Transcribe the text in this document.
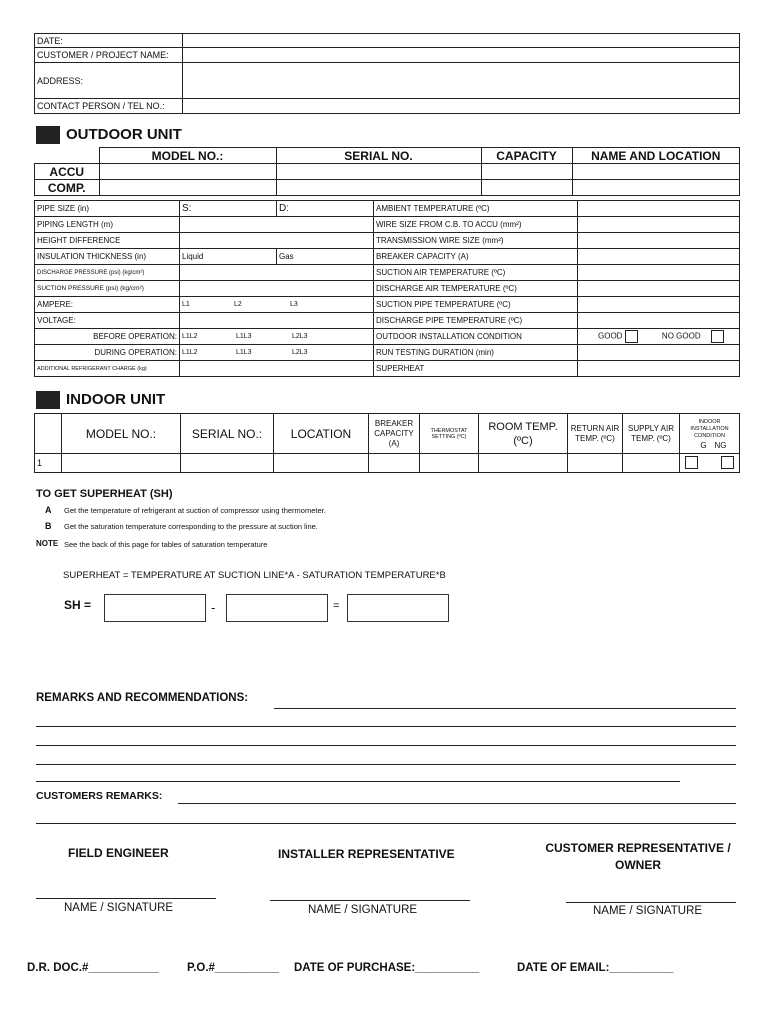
DATE:	
CUSTOMER / PROJECT NAME:	
ADDRESS:	
CONTACT PERSON / TEL NO.:	
OUTDOOR UNIT
	MODEL NO.:	SERIAL NO.	CAPACITY	NAME AND LOCATION
ACCU				
COMP.				
PIPE SIZE (in)	S:	D:	AMBIENT TEMPERATURE (ºC)	
PIPING LENGTH (m)			WIRE SIZE FROM C.B. TO ACCU (mm²)	
HEIGHT DIFFERENCE			TRANSMISSION WIRE SIZE (mm²)	
INSULATION THICKNESS (in)	Liquid	Gas	BREAKER CAPACITY (A)	
DISCHARGE PRESSURE (psi) (kg/cm²)			SUCTION AIR TEMPERATURE (ºC)	
SUCTION PRESSURE (psi) (kg/cm²)			DISCHARGE AIR TEMPERATURE (ºC)	
AMPERE:	L1 L2 L3		SUCTION PIPE TEMPERATURE (ºC)	
VOLTAGE:			DISCHARGE PIPE TEMPERATURE (ºC)	
BEFORE OPERATION:	L1L2 L1L3 L2L3		OUTDOOR INSTALLATION CONDITION	GOOD NO GOOD
DURING OPERATION:	L1L2 L1L3 L2L3		RUN TESTING DURATION (min)	
ADDITIONAL REFRIGERANT CHARGE (kg)			SUPERHEAT	
INDOOR UNIT
	MODEL NO.:	SERIAL NO.:	LOCATION	BREAKER CAPACITY (A)	THERMOSTAT SETTING (ºC)	ROOM TEMP. (ºC)	RETURN AIR TEMP. (ºC)	SUPPLY AIR TEMP. (ºC)	INDOOR INSTALLATION CONDITION
G NG

1									
TO GET SUPERHEAT (SH)
A Get the temperature of refrigerant at suction of compressor using thermometer.
B Get the saturation temperature corresponding to the pressure at suction line.
NOTE See the back of this page for tables of saturation temperature
SUPERHEAT = TEMPERATURE AT SUCTION LINE*A - SATURATION TEMPERATURE*B
SH =	-	=
REMARKS AND RECOMMENDATIONS:
CUSTOMERS REMARKS:
FIELD ENGINEER	INSTALLER REPRESENTATIVE	CUSTOMER REPRESENTATIVE / OWNER
NAME / SIGNATURE	NAME / SIGNATURE	NAME / SIGNATURE
D.R. DOC.#___________ P.O.#__________ DATE OF PURCHASE:__________	DATE OF EMAIL:__________
